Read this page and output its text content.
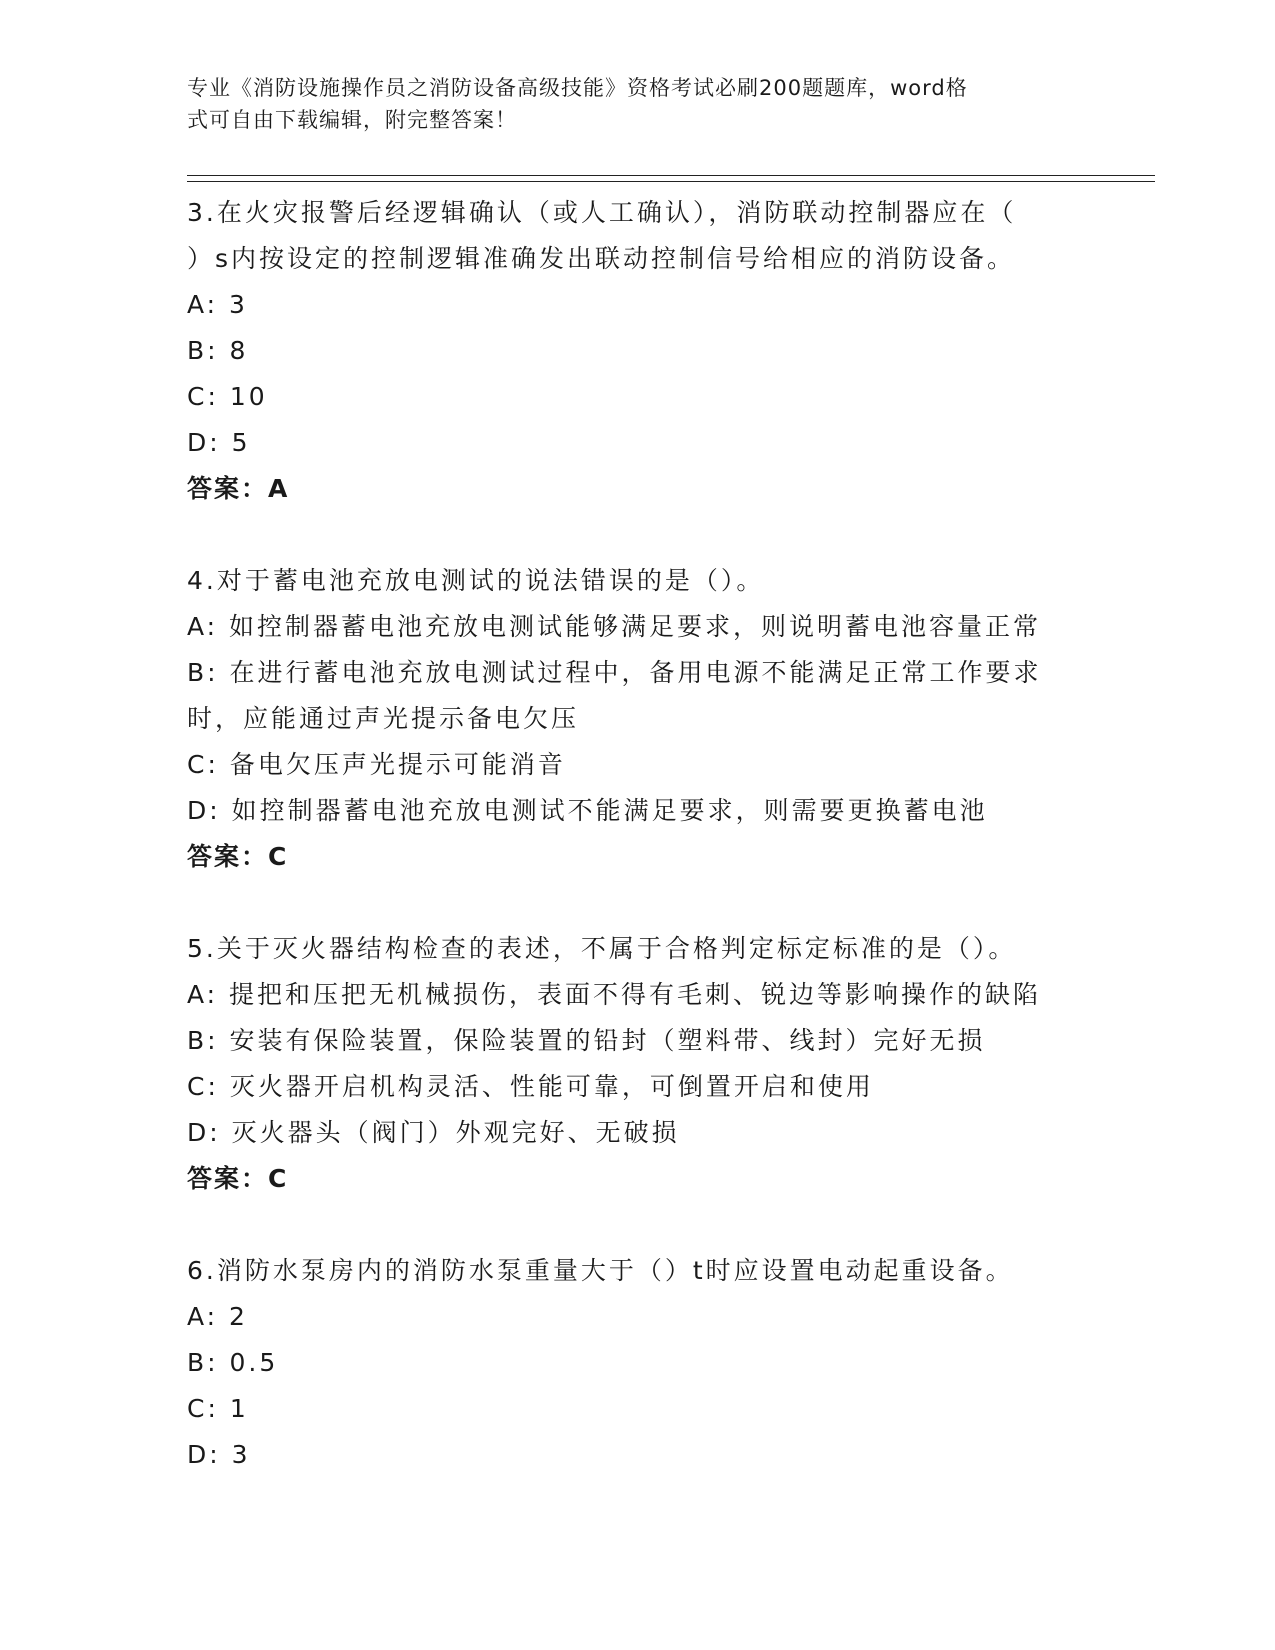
专业《消防设施操作员之消防设备高级技能》资格考试必刷200题题库，word格
式可自由下载编辑，附完整答案！
3.在火灾报警后经逻辑确认（或人工确认），消防联动控制器应在（
）s内按设定的控制逻辑准确发出联动控制信号给相应的消防设备。
A: 3
B: 8
C: 10
D: 5
答案：A
4.对于蓄电池充放电测试的说法错误的是（）。
A: 如控制器蓄电池充放电测试能够满足要求，则说明蓄电池容量正常
B: 在进行蓄电池充放电测试过程中，备用电源不能满足正常工作要求
时，应能通过声光提示备电欠压
C: 备电欠压声光提示可能消音
D: 如控制器蓄电池充放电测试不能满足要求，则需要更换蓄电池
答案：C
5.关于灭火器结构检查的表述，不属于合格判定标定标准的是（）。
A: 提把和压把无机械损伤，表面不得有毛刺、锐边等影响操作的缺陷
B: 安装有保险装置，保险装置的铅封（塑料带、线封）完好无损
C: 灭火器开启机构灵活、性能可靠，可倒置开启和使用
D: 灭火器头（阀门）外观完好、无破损
答案：C
6.消防水泵房内的消防水泵重量大于（）t时应设置电动起重设备。
A: 2
B: 0.5
C: 1
D: 3
